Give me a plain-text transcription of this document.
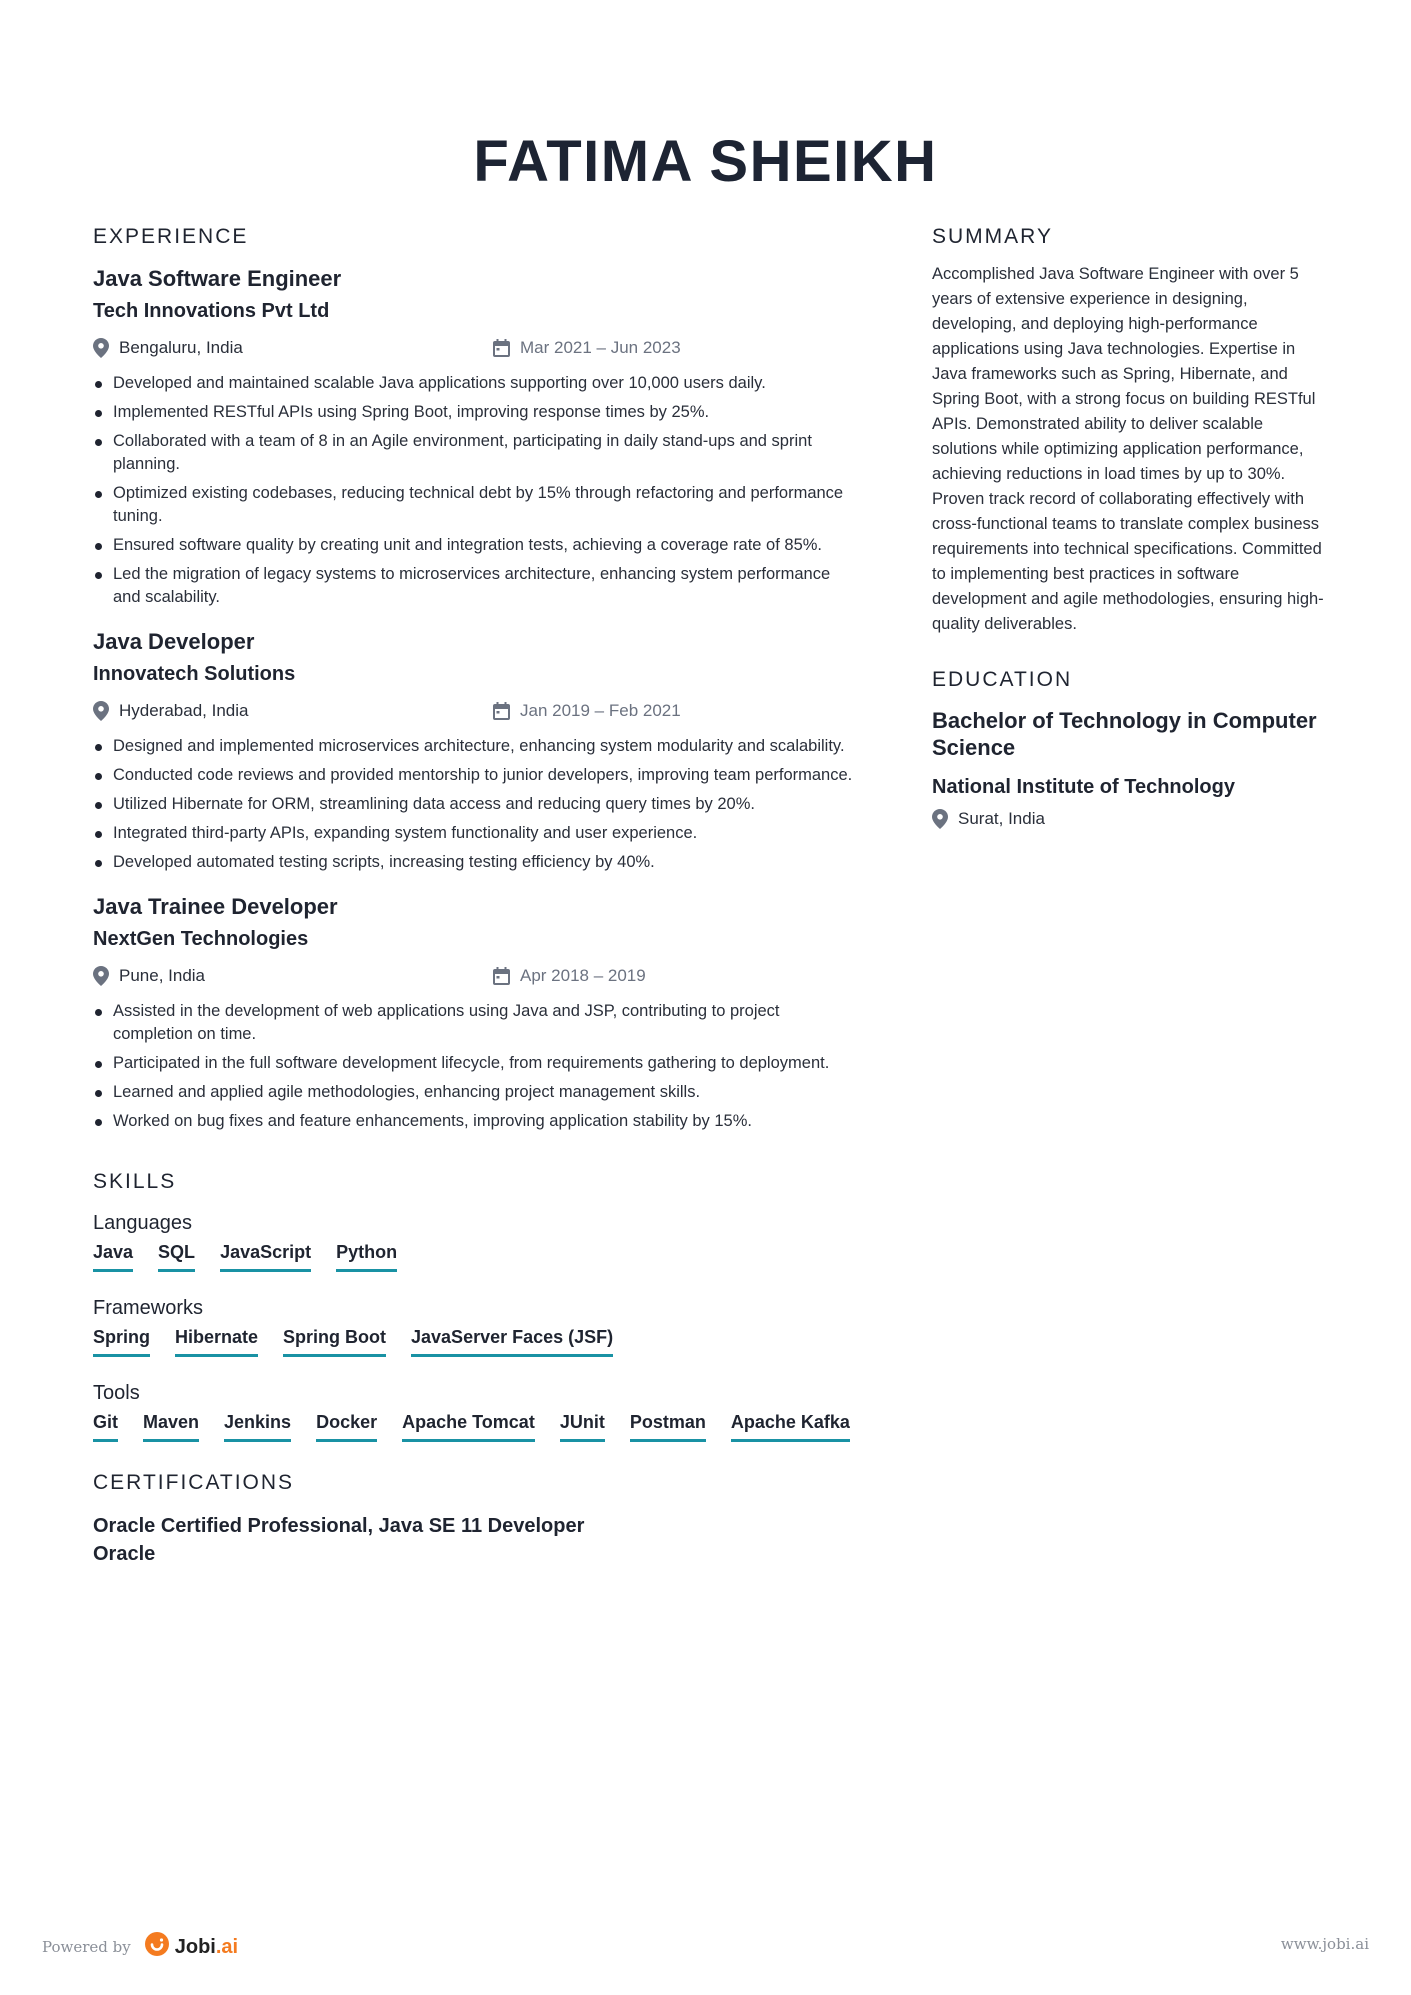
FATIMA SHEIKH
EXPERIENCE

Java Software Engineer

Tech Innovations Pvt Ltd

Bengaluru, India	Mar 2021 – Jun 2023
Developed and maintained scalable Java applications supporting over 10,000 users daily.
Implemented RESTful APIs using Spring Boot, improving response times by 25%.
Collaborated with a team of 8 in an Agile environment, participating in daily stand-ups and sprint planning.
Optimized existing codebases, reducing technical debt by 15% through refactoring and performance tuning.
Ensured software quality by creating unit and integration tests, achieving a coverage rate of 85%.
Led the migration of legacy systems to microservices architecture, enhancing system performance and scalability.

Java Developer

Innovatech Solutions

Hyderabad, India	Jan 2019 – Feb 2021
Designed and implemented microservices architecture, enhancing system modularity and scalability.
Conducted code reviews and provided mentorship to junior developers, improving team performance.
Utilized Hibernate for ORM, streamlining data access and reducing query times by 20%.
Integrated third-party APIs, expanding system functionality and user experience.
Developed automated testing scripts, increasing testing efficiency by 40%.

Java Trainee Developer

NextGen Technologies

Pune, India	Apr 2018 – 2019
Assisted in the development of web applications using Java and JSP, contributing to project completion on time.
Participated in the full software development lifecycle, from requirements gathering to deployment.
Learned and applied agile methodologies, enhancing project management skills.
Worked on bug fixes and feature enhancements, improving application stability by 15%.
SKILLS

Languages

Java SQL JavaScript Python

Frameworks

Spring Hibernate Spring Boot JavaServer Faces (JSF)

Tools

Git Maven Jenkins Docker Apache Tomcat JUnit Postman Apache Kafka
CERTIFICATIONS

Oracle Certified Professional, Java SE 11 Developer

Oracle

SUMMARY

Accomplished Java Software Engineer with over 5 years of extensive experience in designing, developing, and deploying high-performance applications using Java technologies. Expertise in Java frameworks such as Spring, Hibernate, and Spring Boot, with a strong focus on building RESTful APIs. Demonstrated ability to deliver scalable solutions while optimizing application performance, achieving reductions in load times by up to 30%. Proven track record of collaborating effectively with cross-functional teams to translate complex business requirements into technical specifications. Committed to implementing best practices in software development and agile methodologies, ensuring high-quality deliverables.

EDUCATION

Bachelor of Technology in Computer Science

National Institute of Technology

Surat, India
Powered by Jobi.ai	www.jobi.ai
